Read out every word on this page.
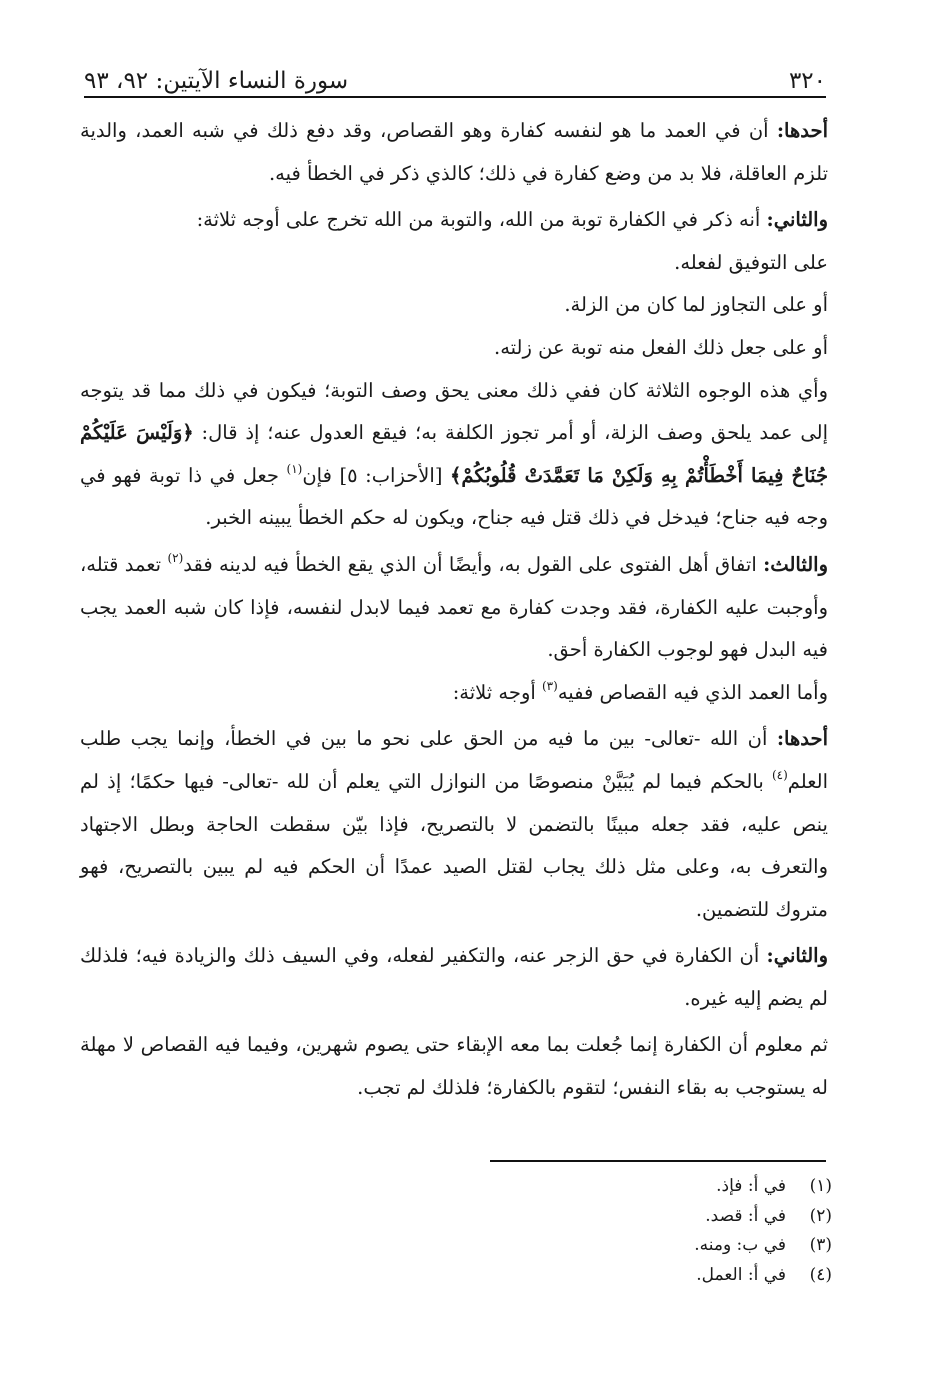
٣٢٠
سورة النساء الآيتين: ٩٢، ٩٣

أحدها: أن في العمد ما هو لنفسه كفارة وهو القصاص، وقد دفع ذلك في شبه العمد، والدية تلزم العاقلة، فلا بد من وضع كفارة في ذلك؛ كالذي ذكر في الخطأ فيه.

والثاني: أنه ذكر في الكفارة توبة من الله، والتوبة من الله تخرج على أوجه ثلاثة:

على التوفيق لفعله.

أو على التجاوز لما كان من الزلة.

أو على جعل ذلك الفعل منه توبة عن زلته.

وأي هذه الوجوه الثلاثة كان ففي ذلك معنى يحق وصف التوبة؛ فيكون في ذلك مما قد يتوجه إلى عمد يلحق وصف الزلة، أو أمر تجوز الكلفة به؛ فيقع العدول عنه؛ إذ قال: ﴿وَلَيْسَ عَلَيْكُمْ جُنَاحٌ فِيمَا أَخْطَأْتُمْ بِهِ وَلَكِنْ مَا تَعَمَّدَتْ قُلُوبُكُمْ﴾ [الأحزاب: ٥] فإن$^{(١)}$ جعل في ذا توبة فهو في وجه فيه جناح؛ فيدخل في ذلك قتل فيه جناح، ويكون له حكم الخطأ يبينه الخبر.

والثالث: اتفاق أهل الفتوى على القول به، وأيضًا أن الذي يقع الخطأ فيه لدينه فقد$^{(٢)}$ تعمد قتله، وأوجبت عليه الكفارة، فقد وجدت كفارة مع تعمد فيما لابدل لنفسه، فإذا كان شبه العمد يجب فيه البدل فهو لوجوب الكفارة أحق.

وأما العمد الذي فيه القصاص ففيه$^{(٣)}$ أوجه ثلاثة:

أحدها: أن الله -تعالى- بين ما فيه من الحق على نحو ما بين في الخطأ، وإنما يجب طلب العلم$^{(٤)}$ بالحكم فيما لم يُبَيَّنْ منصوصًا من النوازل التي يعلم أن لله -تعالى- فيها حكمًا؛ إذ لم ينص عليه، فقد جعله مبينًا بالتضمن لا بالتصريح، فإذا بيّن سقطت الحاجة وبطل الاجتهاد والتعرف به، وعلى مثل ذلك يجاب لقتل الصيد عمدًا أن الحكم فيه لم يبين بالتصريح، فهو متروك للتضمين.

والثاني: أن الكفارة في حق الزجر عنه، والتكفير لفعله، وفي السيف ذلك والزيادة فيه؛ فلذلك لم يضم إليه غيره.

ثم معلوم أن الكفارة إنما جُعلت بما معه الإبقاء حتى يصوم شهرين، وفيما فيه القصاص لا مهلة له يستوجب به بقاء النفس؛ لتقوم بالكفارة؛ فلذلك لم تجب.

(١)
في أ: فإذ.
(٢)
في أ: قصد.
(٣)
في ب: ومنه.
(٤)
في أ: العمل.
